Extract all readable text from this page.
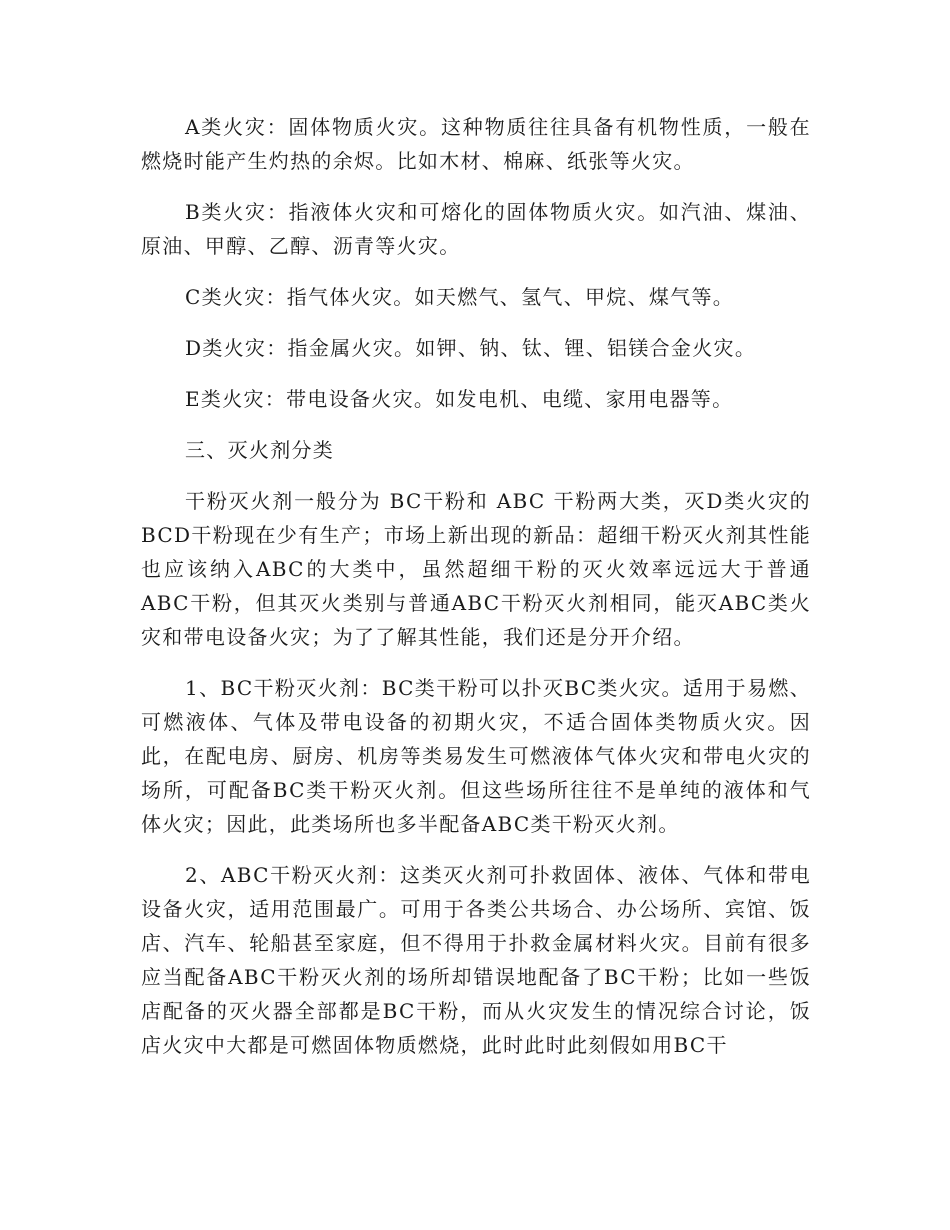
A类火灾：固体物质火灾。这种物质往往具备有机物性质，一般在燃烧时能产生灼热的余烬。比如木材、棉麻、纸张等火灾。

B类火灾：指液体火灾和可熔化的固体物质火灾。如汽油、煤油、原油、甲醇、乙醇、沥青等火灾。

C类火灾：指气体火灾。如天燃气、氢气、甲烷、煤气等。

D类火灾：指金属火灾。如钾、钠、钛、锂、铝镁合金火灾。

E类火灾：带电设备火灾。如发电机、电缆、家用电器等。

三、灭火剂分类

干粉灭火剂一般分为 BC干粉和 ABC 干粉两大类，灭D类火灾的BCD干粉现在少有生产；市场上新出现的新品：超细干粉灭火剂其性能也应该纳入ABC的大类中，虽然超细干粉的灭火效率远远大于普通ABC干粉，但其灭火类别与普通ABC干粉灭火剂相同，能灭ABC类火灾和带电设备火灾；为了了解其性能，我们还是分开介绍。

1、BC干粉灭火剂：BC类干粉可以扑灭BC类火灾。适用于易燃、可燃液体、气体及带电设备的初期火灾，不适合固体类物质火灾。因此，在配电房、厨房、机房等类易发生可燃液体气体火灾和带电火灾的场所，可配备BC类干粉灭火剂。但这些场所往往不是单纯的液体和气体火灾；因此，此类场所也多半配备ABC类干粉灭火剂。

2、ABC干粉灭火剂：这类灭火剂可扑救固体、液体、气体和带电设备火灾，适用范围最广。可用于各类公共场合、办公场所、宾馆、饭店、汽车、轮船甚至家庭，但不得用于扑救金属材料火灾。目前有很多应当配备ABC干粉灭火剂的场所却错误地配备了BC干粉；比如一些饭店配备的灭火器全部都是BC干粉，而从火灾发生的情况综合讨论，饭店火灾中大都是可燃固体物质燃烧，此时此时此刻假如用BC干
